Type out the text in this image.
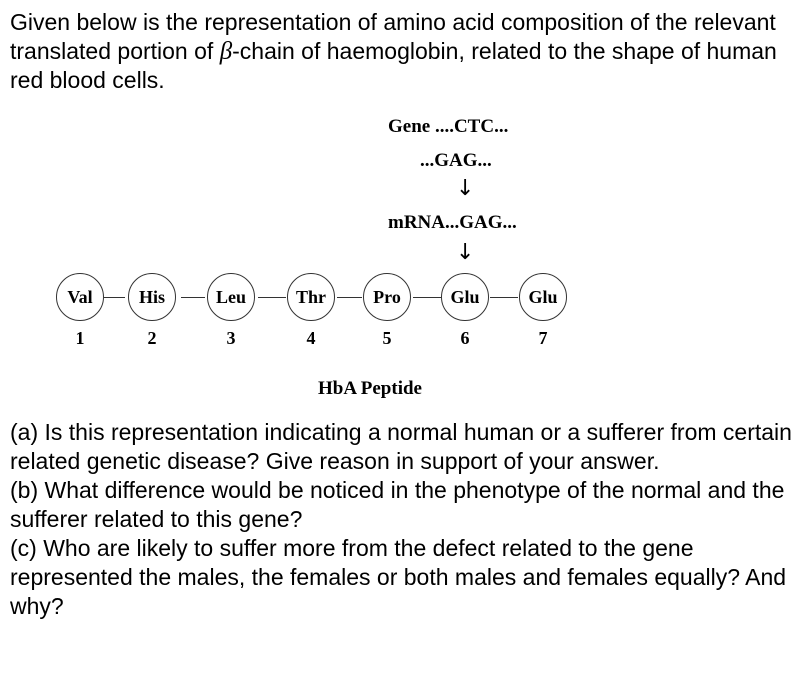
Given below is the representation of amino acid composition of the relevant translated portion of β-chain of haemoglobin, related to the shape of human red blood cells.
Gene ....CTC...
...GAG...
↓
mRNA...GAG...
↓
Val	His	Leu	Thr	Pro	Glu	Glu
1	2	3	4	5	6	7
HbA Peptide

(a) Is this representation indicating a normal human or a sufferer from certain related genetic disease? Give reason in support of your answer.

(b) What difference would be noticed in the phenotype of the normal and the sufferer related to this gene?

(c) Who are likely to suffer more from the defect related to the gene represented the males, the females or both males and females equally? And why?
